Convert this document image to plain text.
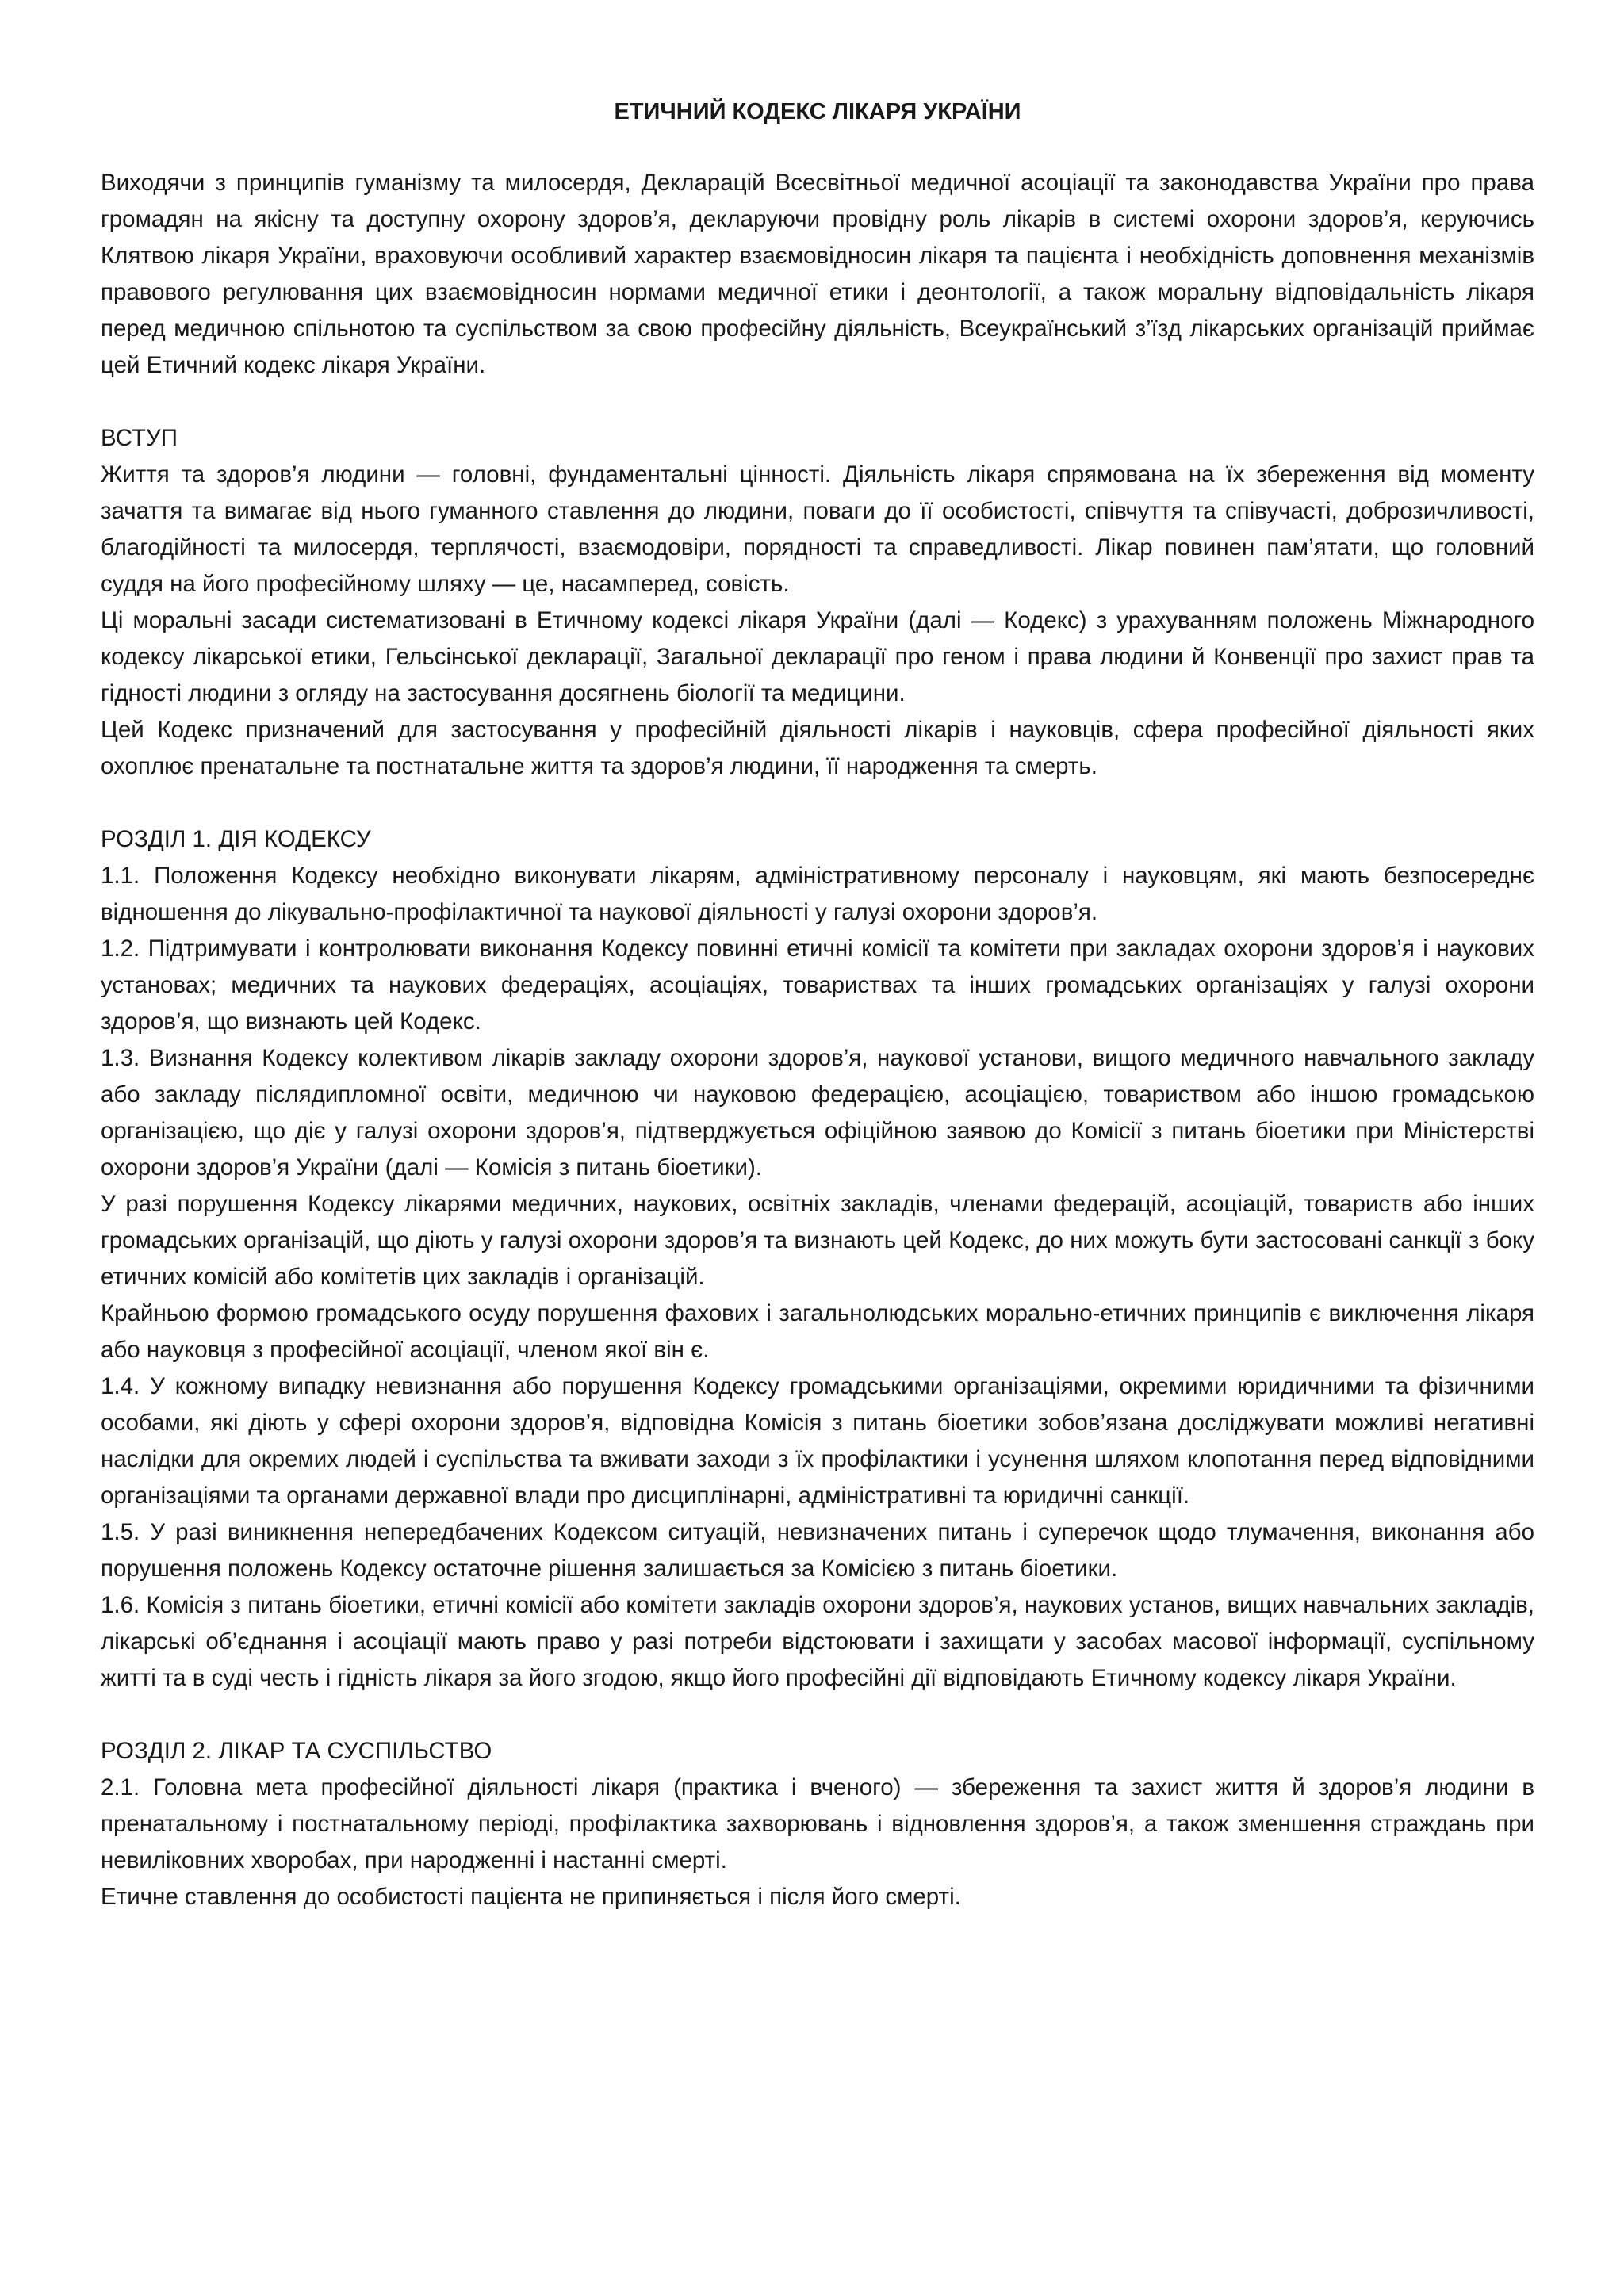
ЕТИЧНИЙ КОДЕКС ЛІКАРЯ УКРАЇНИ

Виходячи з принципів гуманізму та милосердя, Декларацій Всесвітньої медичної асоціації та законодавства України про права громадян на якісну та доступну охорону здоров’я, декларуючи провідну роль лікарів в системі охорони здоров’я, керуючись Клятвою лікаря України, враховуючи особливий характер взаємовідносин лікаря та пацієнта і необхідність доповнення механізмів правового регулювання цих взаємовідносин нормами медичної етики і деонтології, а також моральну відповідальність лікаря перед медичною спільнотою та суспільством за свою професійну діяльність, Всеукраїнський з’їзд лікарських організацій приймає цей Етичний кодекс лікаря України.

ВСТУП

Життя та здоров’я людини — головні, фундаментальні цінності. Діяльність лікаря спрямована на їх збереження від моменту зачаття та вимагає від нього гуманного ставлення до людини, поваги до її особистості, співчуття та співучасті, доброзичливості, благодійності та милосердя, терплячості, взаємодовіри, порядності та справедливості. Лікар повинен пам’ятати, що головний суддя на його професійному шляху — це, насамперед, совість.

Ці моральні засади систематизовані в Етичному кодексі лікаря України (далі — Кодекс) з урахуванням положень Міжнародного кодексу лікарської етики, Гельсінської декларації, Загальної декларації про геном і права людини й Конвенції про захист прав та гідності людини з огляду на застосування досягнень біології та медицини.

Цей Кодекс призначений для застосування у професійній діяльності лікарів і науковців, сфера професійної діяльності яких охоплює пренатальне та постнатальне життя та здоров’я людини, її народження та смерть.

РОЗДІЛ 1. ДІЯ КОДЕКСУ

1.1. Положення Кодексу необхідно виконувати лікарям, адміністративному персоналу і науковцям, які мають безпосереднє відношення до лікувально-профілактичної та наукової діяльності у галузі охорони здоров’я.

1.2. Підтримувати і контролювати виконання Кодексу повинні етичні комісії та комітети при закладах охорони здоров’я і наукових установах; медичних та наукових федераціях, асоціаціях, товариствах та інших громадських організаціях у галузі охорони здоров’я, що визнають цей Кодекс.

1.3. Визнання Кодексу колективом лікарів закладу охорони здоров’я, наукової установи, вищого медичного навчального закладу або закладу післядипломної освіти, медичною чи науковою федерацією, асоціацією, товариством або іншою громадською організацією, що діє у галузі охорони здоров’я, підтверджується офіційною заявою до Комісії з питань біоетики при Міністерстві охорони здоров’я України (далі — Комісія з питань біоетики).

У разі порушення Кодексу лікарями медичних, наукових, освітніх закладів, членами федерацій, асоціацій, товариств або інших громадських організацій, що діють у галузі охорони здоров’я та визнають цей Кодекс, до них можуть бути застосовані санкції з боку етичних комісій або комітетів цих закладів і організацій.

Крайньою формою громадського осуду порушення фахових і загальнолюдських морально-етичних принципів є виключення лікаря або науковця з професійної асоціації, членом якої він є.

1.4. У кожному випадку невизнання або порушення Кодексу громадськими організаціями, окремими юридичними та фізичними особами, які діють у сфері охорони здоров’я, відповідна Комісія з питань біоетики зобов’язана досліджувати можливі негативні наслідки для окремих людей і суспільства та вживати заходи з їх профілактики і усунення шляхом клопотання перед відповідними організаціями та органами державної влади про дисциплінарні, адміністративні та юридичні санкції.

1.5. У разі виникнення непередбачених Кодексом ситуацій, невизначених питань і суперечок щодо тлумачення, виконання або порушення положень Кодексу остаточне рішення залишається за Комісією з питань біоетики.

1.6. Комісія з питань біоетики, етичні комісії або комітети закладів охорони здоров’я, наукових установ, вищих навчальних закладів, лікарські об’єднання і асоціації мають право у разі потреби відстоювати і захищати у засобах масової інформації, суспільному житті та в суді честь і гідність лікаря за його згодою, якщо його професійні дії відповідають Етичному кодексу лікаря України.

РОЗДІЛ 2. ЛІКАР ТА СУСПІЛЬСТВО

2.1. Головна мета професійної діяльності лікаря (практика і вченого) — збереження та захист життя й здоров’я людини в пренатальному і постнатальному періоді, профілактика захворювань і відновлення здоров’я, а також зменшення страждань при невиліковних хворобах, при народженні і настанні смерті.

Етичне ставлення до особистості пацієнта не припиняється і після його смерті.
